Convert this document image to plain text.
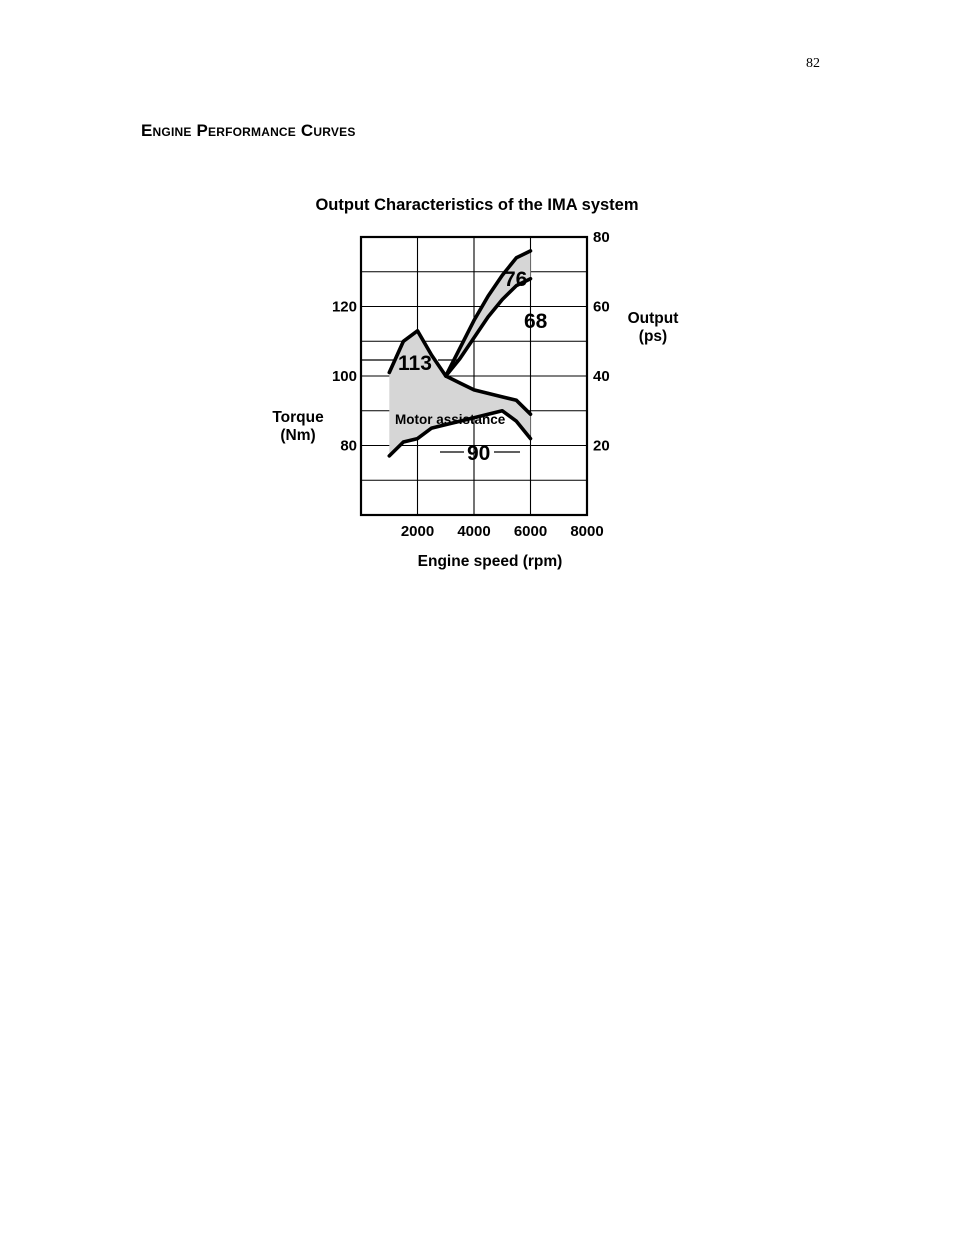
82
Engine Performance Curves
Output Characteristics of the IMA system
2000 4000 6000 8000
20
40
60
80
80
100
120
Motor assistance
76
68
113
90
Torque
(Nm)
Output
(ps)
Engine speed (rpm)
